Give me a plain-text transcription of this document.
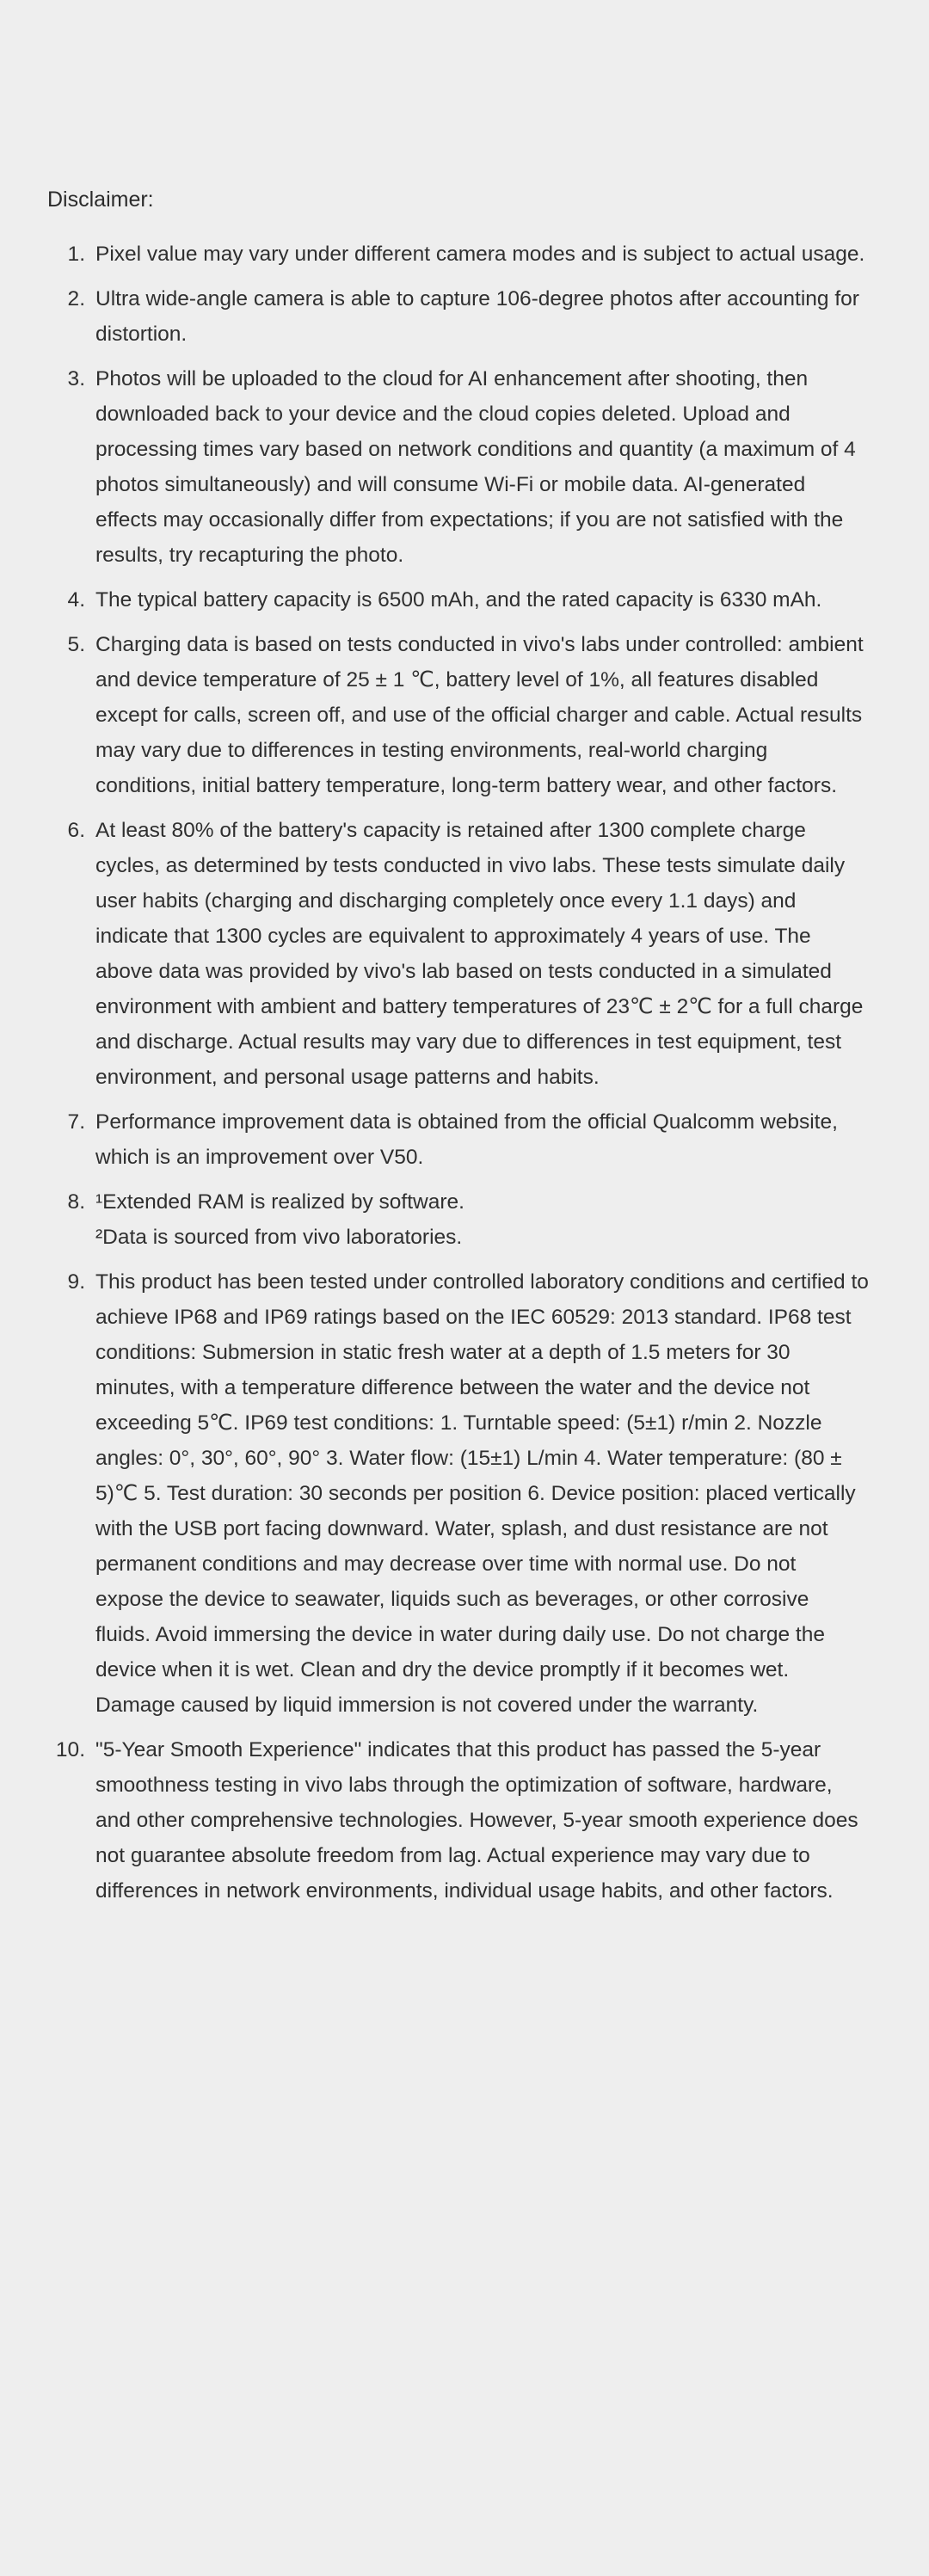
Disclaimer:

Pixel value may vary under different camera modes and is subject to actual usage.
Ultra wide-angle camera is able to capture 106-degree photos after accounting for distortion.
Photos will be uploaded to the cloud for AI enhancement after shooting, then downloaded back to your device and the cloud copies deleted. Upload and processing times vary based on network conditions and quantity (a maximum of 4 photos simultaneously) and will consume Wi-Fi or mobile data. AI-generated effects may occasionally differ from expectations; if you are not satisfied with the results, try recapturing the photo.
The typical battery capacity is 6500 mAh, and the rated capacity is 6330 mAh.
Charging data is based on tests conducted in vivo's labs under controlled: ambient and device temperature of 25 ± 1 ℃, battery level of 1%, all features disabled except for calls, screen off, and use of the official charger and cable. Actual results may vary due to differences in testing environments, real-world charging conditions, initial battery temperature, long-term battery wear, and other factors.
At least 80% of the battery's capacity is retained after 1300 complete charge cycles, as determined by tests conducted in vivo labs. These tests simulate daily user habits (charging and discharging completely once every 1.1 days) and indicate that 1300 cycles are equivalent to approximately 4 years of use. The above data was provided by vivo's lab based on tests conducted in a simulated environment with ambient and battery temperatures of 23℃ ± 2℃ for a full charge and discharge. Actual results may vary due to differences in test equipment, test environment, and personal usage patterns and habits.
Performance improvement data is obtained from the official Qualcomm website, which is an improvement over V50.
¹Extended RAM is realized by software.
²Data is sourced from vivo laboratories.
This product has been tested under controlled laboratory conditions and certified to achieve IP68 and IP69 ratings based on the IEC 60529: 2013 standard. IP68 test conditions: Submersion in static fresh water at a depth of 1.5 meters for 30 minutes, with a temperature difference between the water and the device not exceeding 5℃. IP69 test conditions: 1. Turntable speed: (5±1) r/min 2. Nozzle angles: 0°, 30°, 60°, 90° 3. Water flow: (15±1) L/min 4. Water temperature: (80 ± 5)℃ 5. Test duration: 30 seconds per position 6. Device position: placed vertically with the USB port facing downward. Water, splash, and dust resistance are not permanent conditions and may decrease over time with normal use. Do not expose the device to seawater, liquids such as beverages, or other corrosive fluids. Avoid immersing the device in water during daily use. Do not charge the device when it is wet. Clean and dry the device promptly if it becomes wet. Damage caused by liquid immersion is not covered under the warranty.
"5-Year Smooth Experience" indicates that this product has passed the 5-year smoothness testing in vivo labs through the optimization of software, hardware, and other comprehensive technologies. However, 5-year smooth experience does not guarantee absolute freedom from lag. Actual experience may vary due to differences in network environments, individual usage habits, and other factors.
